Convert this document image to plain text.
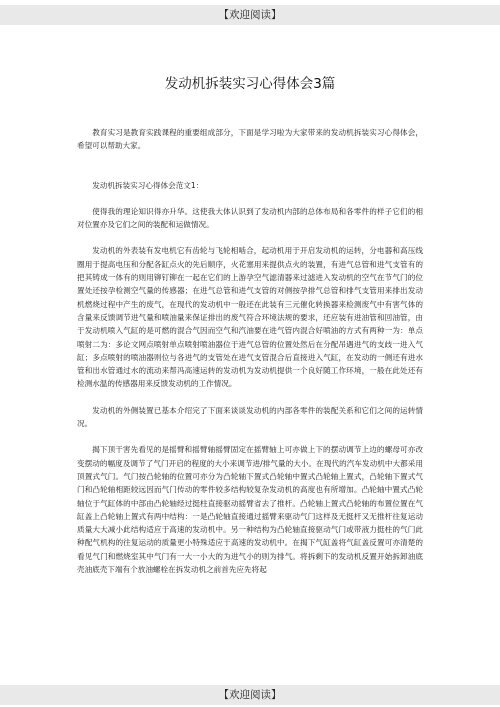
【欢迎阅读】
发动机拆装实习心得体会3篇

教育实习是教育实践课程的重要组成部分，下面是学习啦为大家带来的发动机拆装实习心得体会，希望可以帮助大家。

发动机拆装实习心得体会范文1：

使得我的理论知识得亦升华。这使我大体认识到了发动机内部的总体布局和各零件的样子它们的相对位置亦及它们之间的装配和运做情况。

发动机的外表装有发电机它有齿轮与飞轮相啮合，起动机用于开启发动机的运转，分电器和高压线圈用于提高电压和分配各缸点火的先后顺序，火花塞用来提供点火的装置，有进气总管和进气支管有的把其铸成一体有的则用铆钉铆在一起在它们的上游孕空气滤清器来过滤进入发动机的空气在节气门的位置处还按孕检测空气量的传感器；在进气总管和进气支管的对侧按孕排气总管和排气支管用来排出发动机燃烧过程中产生的废气，在现代的发动机中一般还在此装有三元催化转换器来检测废气中有害气体的含量来反馈调节进气量和喷油量来保证排出的废气符合环境法规的要求，还应装有进油管和回油管，由于发动机喷入气缸的是可燃的混合气因而空气和汽油要在进气管内混合好喷油的方式有两种一为：单点喷射二为：多论文网点喷射单点喷射喷油器位于进气总管的位置处然后在分配吊遇进气的支歧一进入气缸；多点喷射的喷油器则位与各进气的支管处在进气支管混合后直接进入气缸，在发动的一侧还有进水管和出水管通过水的流动来帮冯高速运转的发动机为发动机提供一个良好随工作环境，一般在此处还有检测水温的传感器用来反馈发动机的工作情况。

发动机的外侧装置已基本介绍完了下面来谈谈发动机的内部各零件的装配关系和它们之间的运转情况。

揭下顶干害先看见的是摇臂和摇臂轴摇臂固定在摇臂轴上可亦做上下的摆动调节上边的螺母可亦改变摆动的幅度及调节了气门开启的程度的大小来调节进/排气量的大小。在现代的汽车发动机中大都采用顶置式气门。气门按凸轮轴的位置可亦分为凸轮轴下置式凸轮轴中置式凸轮轴上置式，凸轮轴下置式气门和凸轮轴相距较远因而气门传动的零件较多结构较复杂发动机的高度也有所增加。凸轮轴中置式凸轮轴位于气缸体的中部由凸轮轴经过挺柱直接驱动摇臂省去了推杆。凸轮轴上置式凸轮轴的布置位置在气缸盖上凸轮轴上置式有两中结构：一是凸轮轴直接通过摇臂来驱动气门这样及无挺杆又无推杆往复运动质量大大减小此结构适应于高速的发动机中。另一种结构为凸轮轴直接驱动气门或带液力挺柱的气门此种配气机构的往复运动的质量更小特殊适应于高速的发动机中。在揭下气缸盖将气缸盖反置可亦清楚的看见气门和燃烧室其中气门有一大一小大的为进气小的则为排气。将拆剩下的发动机反置开始拆卸油底壳油底壳下端有个放油螺栓在拆发动机之前首先应先将起

【欢迎阅读】
